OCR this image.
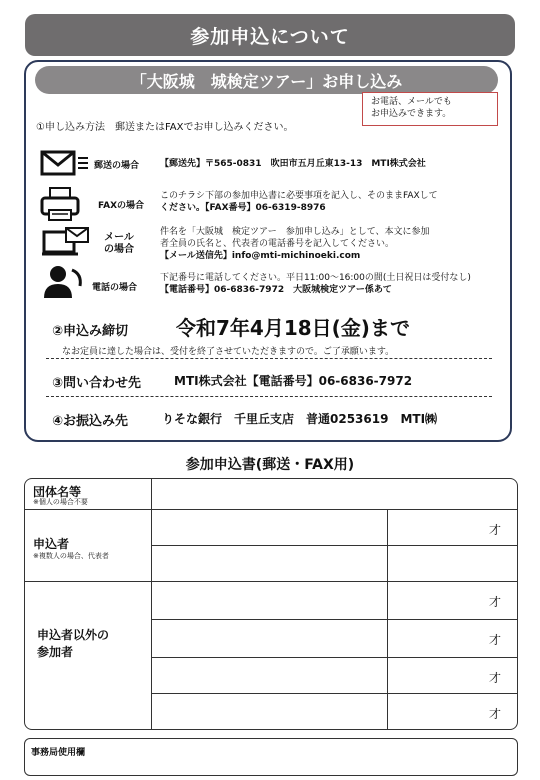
参加申込について
「大阪城　城検定ツアー」お申し込み
お電話、メールでも
お申込みできます。
①申し込み方法　郵送またはFAXでお申し込みください。
郵送の場合 【郵送先】〒565-0831　吹田市五月丘東13-13　MTI株式会社
FAXの場合
このチラシ下部の参加申込書に必要事項を記入し、そのままFAXして
ください。【FAX番号】06-6319-8976
メール
の場合
件名を「大阪城　検定ツアー　参加申し込み」として、本文に参加
者全員の氏名と、代表者の電話番号を記入してください。
【メール送信先】info@mti-michinoeki.com
電話の場合
下記番号に電話してください。平日11:00～16:00の間(土日祝日は受付なし)
【電話番号】06-6836-7972　大阪城検定ツアー係あて
②申込み締切 令和7年4月18日(金)まで
なお定員に達した場合は、受付を終了させていただきますので。ご了承願います。
③問い合わせ先	MTI株式会社【電話番号】06-6836-7972
④お振込み先	りそな銀行　千里丘支店　普通0253619　MTI㈱
参加申込書(郵送・FAX用)
団体名等
※個人の場合不要
申込者
※複数人の場合、代表者
申込者以外の
参加者
才
才
才
才
才
事務局使用欄
